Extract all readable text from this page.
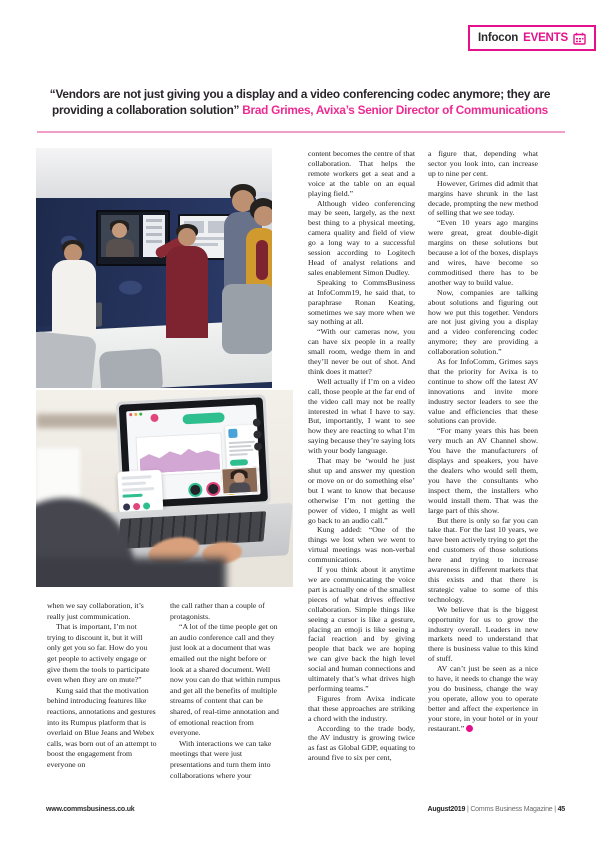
Infocon EVENTS
“Vendors are not just giving you a display and a video conferencing codec anymore; they are providing a collaboration solution” Brad Grimes, Avixa’s Senior Director of Communications

when we say collaboration, it’s really just communication.

That is important, I’m not trying to discount it, but it will only get you so far. How do you get people to actively engage or give them the tools to participate even when they are on mute?”

Kung said that the motivation behind introducing features like reactions, annotations and gestures into its Rumpus platform that is overlaid on Blue Jeans and Webex calls, was born out of an attempt to boost the engagement from everyone on

the call rather than a couple of protagonists.

“A lot of the time people get on an audio conference call and they just look at a document that was emailed out the night before or look at a shared document. Well now you can do that within rumpus and get all the benefits of multiple streams of content that can be shared, of real-time annotation and of emotional reaction from everyone.

With interactions we can take meetings that were just presentations and turn them into collaborations where your

content becomes the centre of that collaboration. That helps the remote workers get a seat and a voice at the table on an equal playing field.”

Although video conferencing may be seen, largely, as the next best thing to a physical meeting, camera quality and field of view go a long way to a successful session according to Logitech Head of analyst relations and sales enablement Simon Dudley.

Speaking to CommsBusiness at InfoComm19, he said that, to paraphrase Ronan Keating, sometimes we say more when we say nothing at all.

“With our cameras now, you can have six people in a really small room, wedge them in and they’ll never be out of shot. And think does it matter?

Well actually if I’m on a video call, those people at the far end of the video call may not be really interested in what I have to say. But, importantly, I want to see how they are reacting to what I’m saying because they’re saying lots with your body language.

That may be ‘would he just shut up and answer my question or move on or do something else’ but I want to know that because otherwise I’m not getting the power of video, I might as well go back to an audio call.”

Kung added: “One of the things we lost when we went to virtual meetings was non-verbal communications.

If you think about it anytime we are communicating the voice part is actually one of the smallest pieces of what drives effective collaboration. Simple things like seeing a cursor is like a gesture, placing an emoji is like seeing a facial reaction and by giving people that back we are hoping we can give back the high level social and human connections and ultimately that’s what drives high performing teams.”

Figures from Avixa indicate that these approaches are striking a chord with the industry.

According to the trade body, the AV industry is growing twice as fast as Global GDP, equating to around five to six per cent,

a figure that, depending what sector you look into, can increase up to nine per cent.

However, Grimes did admit that margins have shrunk in the last decade, prompting the new method of selling that we see today.

“Even 10 years ago margins were great, great double-digit margins on these solutions but because a lot of the boxes, displays and wires, have become so commoditised there has to be another way to build value.

Now, companies are talking about solutions and figuring out how we put this together. Vendors are not just giving you a display and a video conferencing codec anymore; they are providing a collaboration solution.”

As for InfoComm, Grimes says that the priority for Avixa is to continue to show off the latest AV innovations and invite more industry sector leaders to see the value and efficiencies that these solutions can provide.

“For many years this has been very much an AV Channel show. You have the manufacturers of displays and speakers, you have the dealers who would sell them, you have the consultants who inspect them, the installers who would install them. That was the large part of this show.

But there is only so far you can take that. For the last 10 years, we have been actively trying to get the end customers of those solutions here and trying to increase awareness in different markets that this exists and that there is strategic value to some of this technology.

We believe that is the biggest opportunity for us to grow the industry overall. Leaders in new markets need to understand that there is business value to this kind of stuff.

AV can’t just be seen as a nice to have, it needs to change the way you do business, change the way you operate, allow you to operate better and affect the experience in your store, in your hotel or in your restaurant.”

www.commsbusiness.co.uk	August2019 | Comms Business Magazine | 45
